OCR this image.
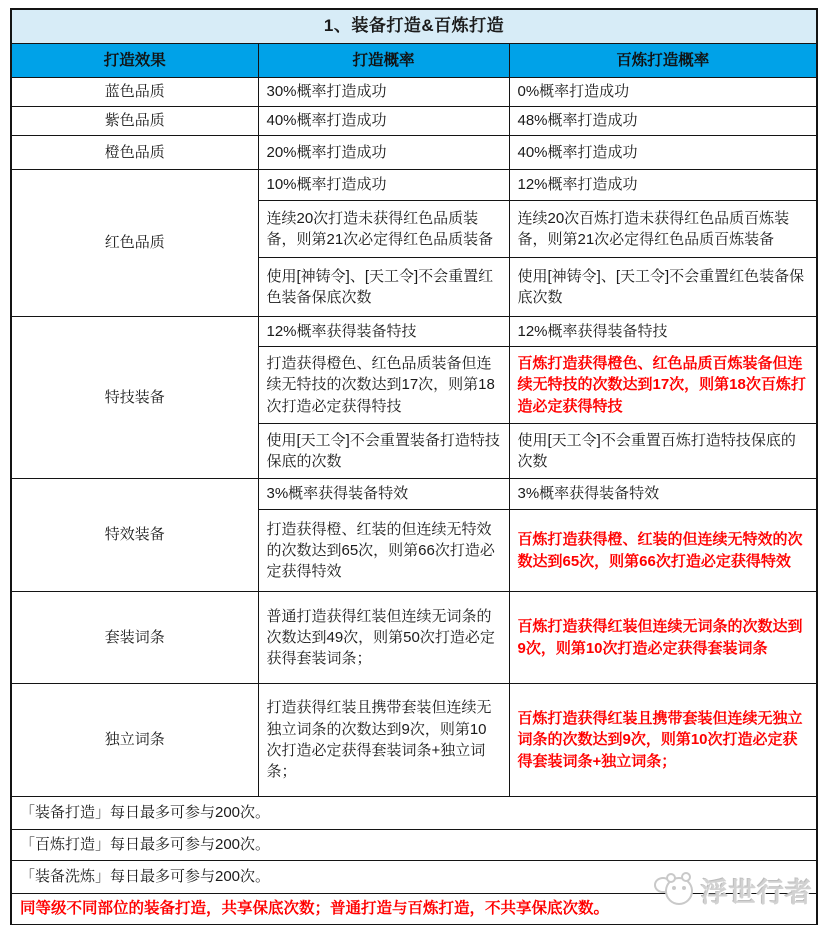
1、装备打造&百炼打造		
打造效果	打造概率	百炼打造概率
蓝色品质	30%概率打造成功	0%概率打造成功
紫色品质	40%概率打造成功	48%概率打造成功
橙色品质	20%概率打造成功	40%概率打造成功
红色品质	10%概率打造成功	12%概率打造成功
	连续20次打造未获得红色品质装备，则第21次必定得红色品质装备	连续20次百炼打造未获得红色品质百炼装备，则第21次必定得红色品质百炼装备
	使用[神铸令]、[天工令]不会重置红色装备保底次数	使用[神铸令]、[天工令]不会重置红色装备保底次数
特技装备	12%概率获得装备特技	12%概率获得装备特技
	打造获得橙色、红色品质装备但连续无特技的次数达到17次，则第18次打造必定获得特技	百炼打造获得橙色、红色品质百炼装备但连续无特技的次数达到17次，则第18次百炼打造必定获得特技
	使用[天工令]不会重置装备打造特技保底的次数	使用[天工令]不会重置百炼打造特技保底的次数
特效装备	3%概率获得装备特效	3%概率获得装备特效
	打造获得橙、红装的但连续无特效的次数达到65次，则第66次打造必定获得特效	百炼打造获得橙、红装的但连续无特效的次数达到65次，则第66次打造必定获得特效
套装词条	普通打造获得红装但连续无词条的次数达到49次，则第50次打造必定获得套装词条；	百炼打造获得红装但连续无词条的次数达到9次，则第10次打造必定获得套装词条
独立词条	打造获得红装且携带套装但连续无独立词条的次数达到9次，则第10次打造必定获得套装词条+独立词条；	百炼打造获得红装且携带套装但连续无独立词条的次数达到9次，则第10次打造必定获得套装词条+独立词条；
「装备打造」每日最多可参与200次。		
「百炼打造」每日最多可参与200次。		
「装备洗炼」每日最多可参与200次。		
同等级不同部位的装备打造，共享保底次数；普通打造与百炼打造，不共享保底次数。		
浮世行者
